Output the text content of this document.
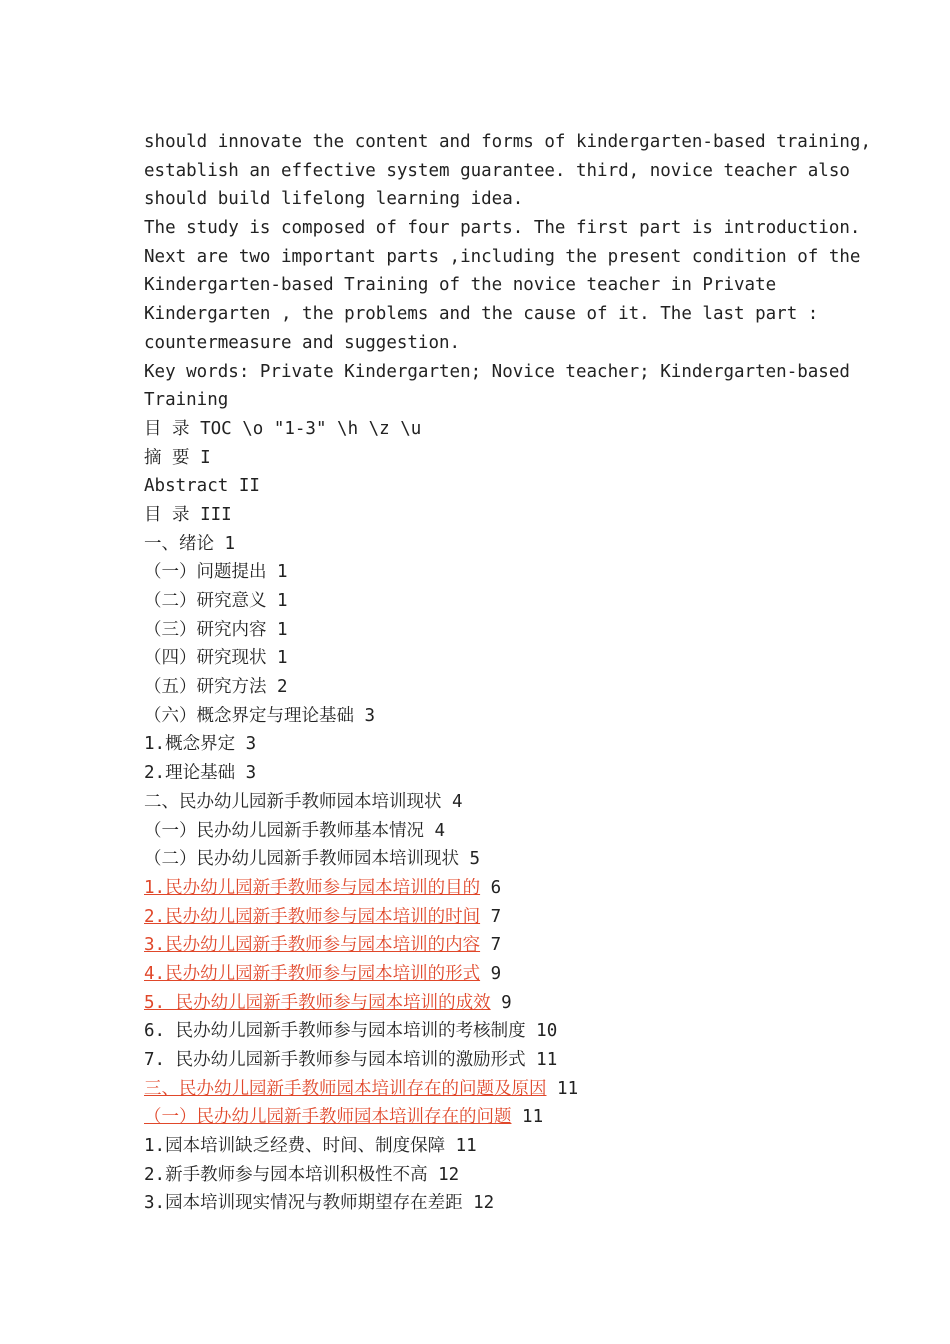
should innovate the content and forms of kindergarten-based training,
establish an effective system guarantee. third, novice teacher also
should build lifelong learning idea.
The study is composed of four parts. The first part is introduction.
Next are two important parts ,including the present condition of the
Kindergarten-based Training of the novice teacher in Private
Kindergarten , the problems and the cause of it. The last part :
countermeasure and suggestion.
Key words: Private Kindergarten; Novice teacher; Kindergarten-based
Training
目 录 TOC \o "1-3" \h \z \u
摘 要 I
Abstract II
目 录 III
一、绪论 1
（一）问题提出 1
（二）研究意义 1
（三）研究内容 1
（四）研究现状 1
（五）研究方法 2
（六）概念界定与理论基础 3
1.概念界定 3
2.理论基础 3
二、民办幼儿园新手教师园本培训现状 4
（一）民办幼儿园新手教师基本情况 4
（二）民办幼儿园新手教师园本培训现状 5
1.民办幼儿园新手教师参与园本培训的目的 6
2.民办幼儿园新手教师参与园本培训的时间 7
3.民办幼儿园新手教师参与园本培训的内容 7
4.民办幼儿园新手教师参与园本培训的形式 9
5. 民办幼儿园新手教师参与园本培训的成效 9
6. 民办幼儿园新手教师参与园本培训的考核制度 10
7. 民办幼儿园新手教师参与园本培训的激励形式 11
三、民办幼儿园新手教师园本培训存在的问题及原因 11
（一）民办幼儿园新手教师园本培训存在的问题 11
1.园本培训缺乏经费、时间、制度保障 11
2.新手教师参与园本培训积极性不高 12
3.园本培训现实情况与教师期望存在差距 12
